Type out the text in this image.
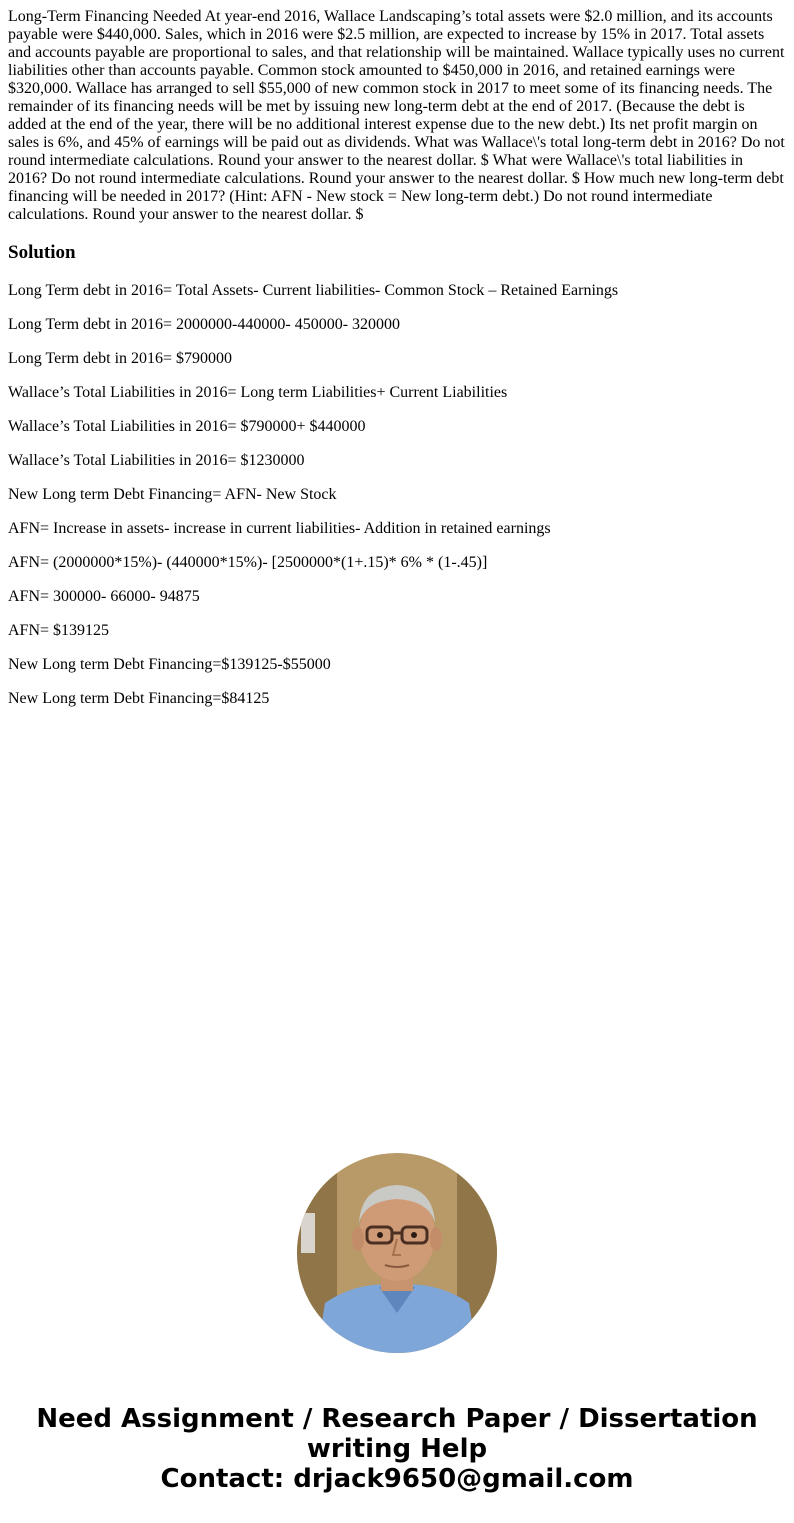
Long-Term Financing Needed At year-end 2016, Wallace Landscaping’s total assets were $2.0 million, and its accounts payable were $440,000. Sales, which in 2016 were $2.5 million, are expected to increase by 15% in 2017. Total assets and accounts payable are proportional to sales, and that relationship will be maintained. Wallace typically uses no current liabilities other than accounts payable. Common stock amounted to $450,000 in 2016, and retained earnings were $320,000. Wallace has arranged to sell $55,000 of new common stock in 2017 to meet some of its financing needs. The remainder of its financing needs will be met by issuing new long-term debt at the end of 2017. (Because the debt is added at the end of the year, there will be no additional interest expense due to the new debt.) Its net profit margin on sales is 6%, and 45% of earnings will be paid out as dividends. What was Wallace\'s total long-term debt in 2016? Do not round intermediate calculations. Round your answer to the nearest dollar. $ What were Wallace\'s total liabilities in 2016? Do not round intermediate calculations. Round your answer to the nearest dollar. $ How much new long-term debt financing will be needed in 2017? (Hint: AFN - New stock = New long-term debt.) Do not round intermediate calculations. Round your answer to the nearest dollar. $

Solution
Long Term debt in 2016= Total Assets- Current liabilities- Common Stock – Retained Earnings
Long Term debt in 2016= 2000000-440000- 450000- 320000
Long Term debt in 2016= $790000
Wallace’s Total Liabilities in 2016= Long term Liabilities+ Current Liabilities
Wallace’s Total Liabilities in 2016= $790000+ $440000
Wallace’s Total Liabilities in 2016= $1230000
New Long term Debt Financing= AFN- New Stock
AFN= Increase in assets- increase in current liabilities- Addition in retained earnings
AFN= (2000000*15%)- (440000*15%)- [2500000*(1+.15)* 6% * (1-.45)]
AFN= 300000- 66000- 94875
AFN= $139125
New Long term Debt Financing=$139125-$55000
New Long term Debt Financing=$84125
Need Assignment / Research Paper / Dissertation
writing Help
Contact: drjack9650@gmail.com
